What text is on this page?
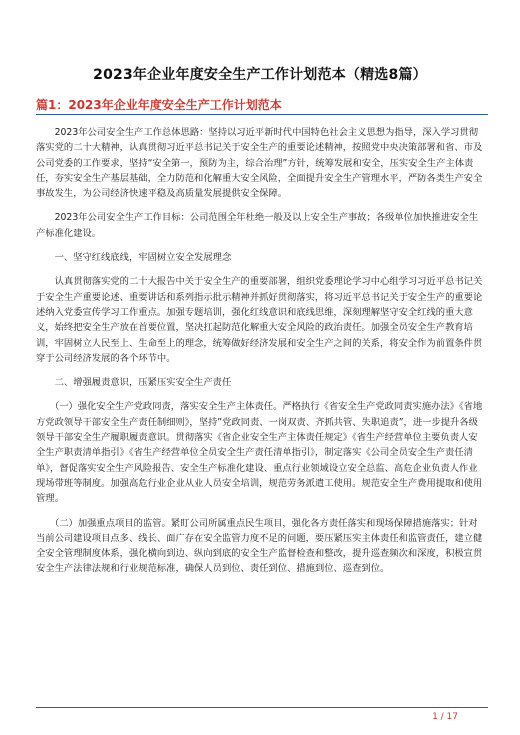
2023年企业年度安全生产工作计划范本（精选8篇）
篇1：2023年企业年度安全生产工作计划范本

　　2023年公司安全生产工作总体思路：坚持以习近平新时代中国特色社会主义思想为指导，深入学习贯彻落实党的二十大精神，认真贯彻习近平总书记关于安全生产的重要论述精神，按照党中央决策部署和省、市及公司党委的工作要求，坚持“安全第一，预防为主，综合治理”方针，统筹发展和安全，压实安全生产主体责任，夯实安全生产基层基础，全力防范和化解重大安全风险，全面提升安全生产管理水平，严防各类生产安全事故发生，为公司经济快速平稳及高质量发展提供安全保障。

　　2023年公司安全生产工作目标：公司范围全年杜绝一般及以上安全生产事故；各级单位加快推进安全生产标准化建设。

　　一、坚守红线底线，牢固树立安全发展理念

　　认真贯彻落实党的二十大报告中关于安全生产的重要部署，组织党委理论学习中心组学习习近平总书记关于安全生产重要论述、重要讲话和系列指示批示精神并抓好贯彻落实，将习近平总书记关于安全生产的重要论述纳入党委宣传学习工作重点。加强专题培训，强化红线意识和底线思维，深刻理解坚守安全红线的重大意义，始终把安全生产放在首要位置，坚决扛起防范化解重大安全风险的政治责任。加强全员安全生产教育培训，牢固树立人民至上、生命至上的理念，统筹做好经济发展和安全生产之间的关系，将安全作为前置条件贯穿于公司经济发展的各个环节中。

　　二、增强履责意识，压紧压实安全生产责任

　　（一）强化安全生产党政同责，落实安全生产主体责任。严格执行《省安全生产党政同责实施办法》《省地方党政领导干部安全生产责任制细则》，坚持”党政同责、一岗双责、齐抓共管、失职追责”，进一步提升各级领导干部安全生产履职履责意识。贯彻落实《省企业安全生产主体责任规定》《省生产经营单位主要负责人安全生产职责清单指引》《省生产经营单位全员安全生产责任清单指引》，制定落实《公司全员安全生产责任清单》，督促落实安全生产风险报告、安全生产标准化建设、重点行业领域设立安全总监、高危企业负责人作业现场带班等制度。加强高危行业企业从业人员安全培训，规范劳务派遣工使用。规范安全生产费用提取和使用管理。

　　（二）加强重点项目的监管。紧盯公司所属重点民生项目，强化各方责任落实和现场保障措施落实；针对当前公司建设项目点多、线长、面广存在安全监管力度不足的问题，要压紧压实主体责任和监管责任，建立健全安全管理制度体系，强化横向到边、纵向到底的安全生产监督检查和整改，提升巡查频次和深度，积极宣贯安全生产法律法规和行业规范标准，确保人员到位、责任到位、措施到位、巡查到位。

1 / 17
